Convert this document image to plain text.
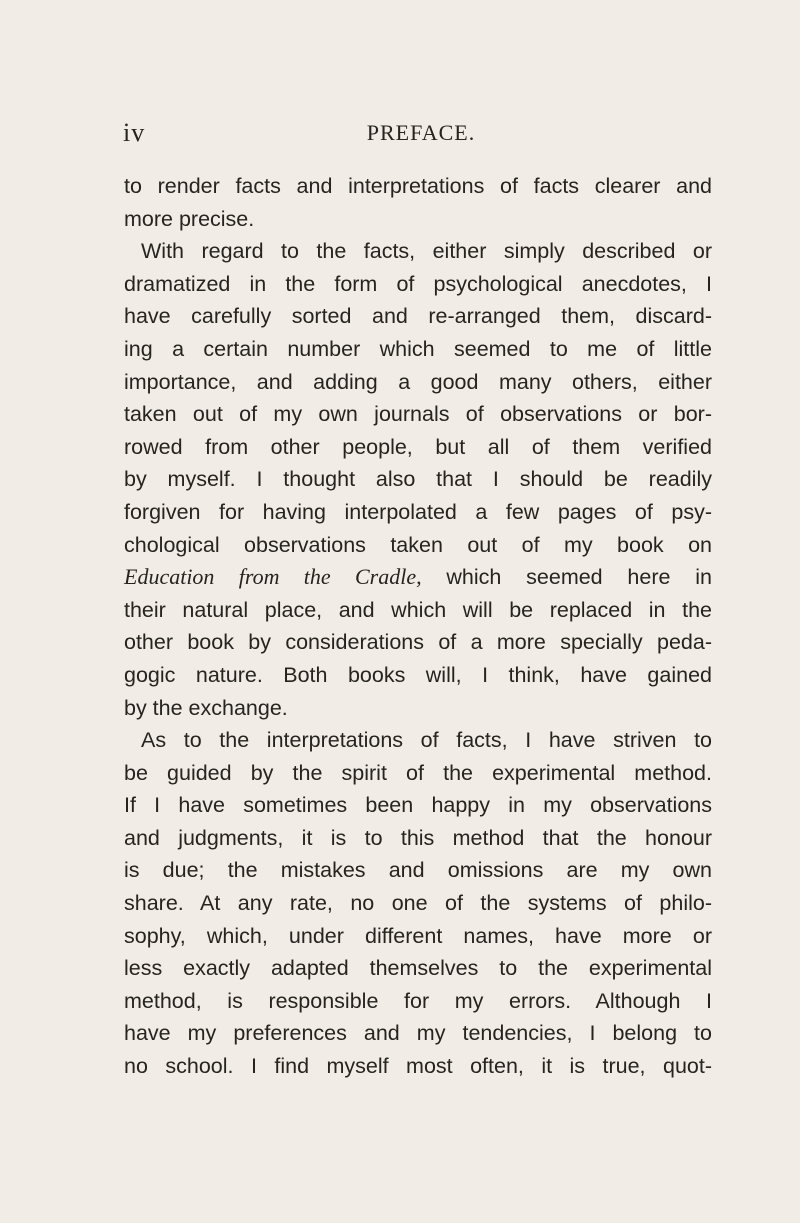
iv	PREFACE.
to render facts and interpretations of facts clearer and
more precise.
With regard to the facts, either simply described or
dramatized in the form of psychological anecdotes, I
have carefully sorted and re-arranged them, discard-
ing a certain number which seemed to me of little
importance, and adding a good many others, either
taken out of my own journals of observations or bor-
rowed from other people, but all of them verified
by myself. I thought also that I should be readily
forgiven for having interpolated a few pages of psy-
chological observations taken out of my book on
Education from the Cradle, which seemed here in
their natural place, and which will be replaced in the
other book by considerations of a more specially peda-
gogic nature. Both books will, I think, have gained
by the exchange.
As to the interpretations of facts, I have striven to
be guided by the spirit of the experimental method.
If I have sometimes been happy in my observations
and judgments, it is to this method that the honour
is due; the mistakes and omissions are my own
share. At any rate, no one of the systems of philo-
sophy, which, under different names, have more or
less exactly adapted themselves to the experimental
method, is responsible for my errors. Although I
have my preferences and my tendencies, I belong to
no school. I find myself most often, it is true, quot-
